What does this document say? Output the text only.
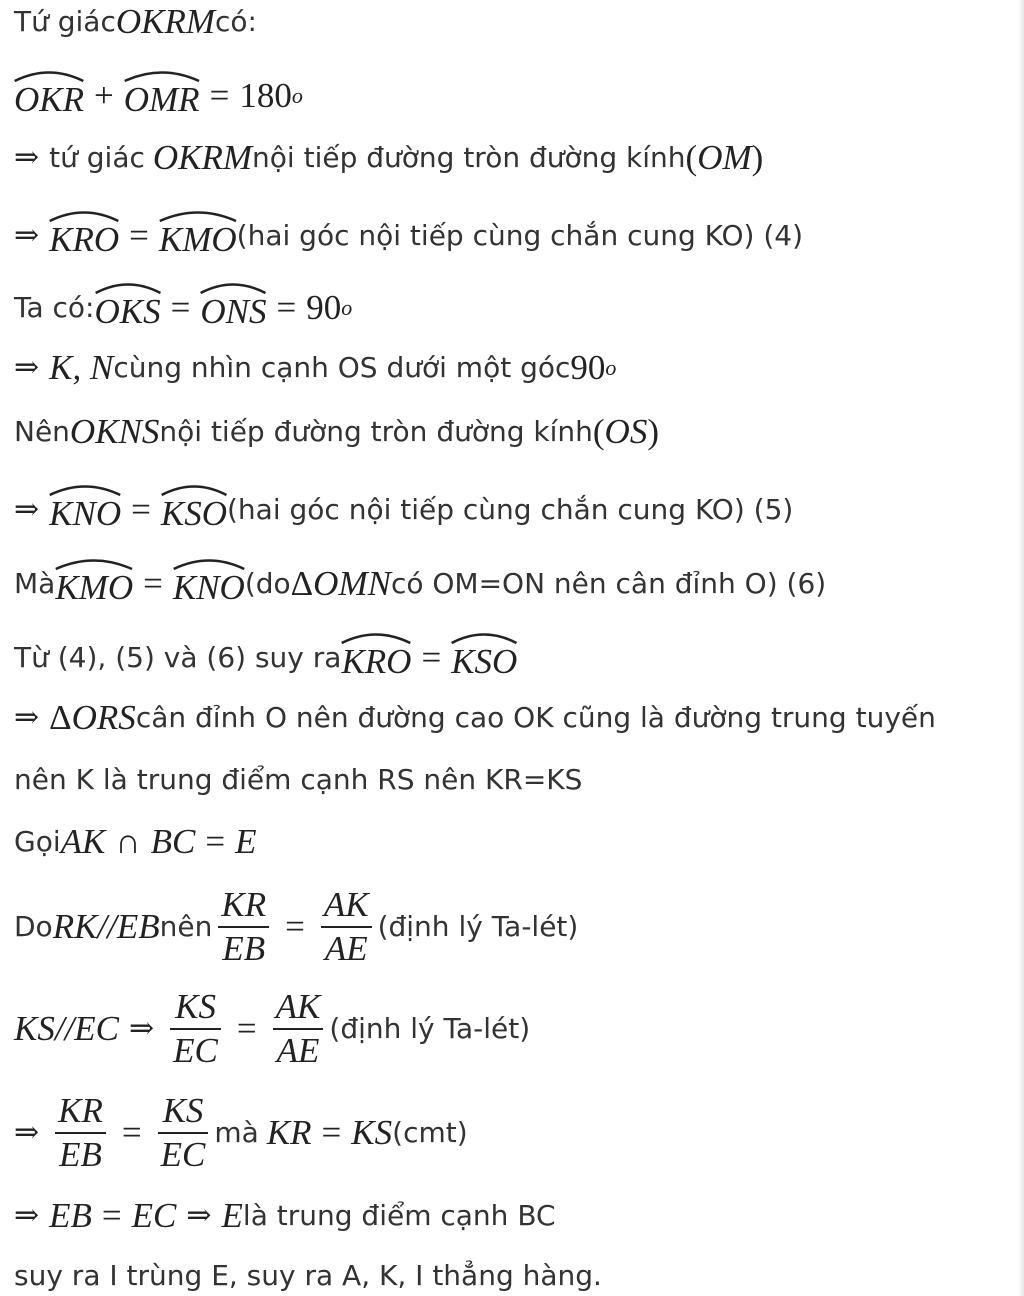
Tứ giác OKRM có:
OKR + OMR = 180 o
⇒ tứ giác OKRM nội tiếp đường tròn đường kính ( OM )
⇒ KRO = KMO (hai góc nội tiếp cùng chắn cung KO) (4)
Ta có: OKS = ONS = 90 o
⇒ K, N cùng nhìn cạnh OS dưới một góc 90 o
Nên OKNS nội tiếp đường tròn đường kính ( OS )
⇒ KNO = KSO (hai góc nội tiếp cùng chắn cung KO) (5)
Mà KMO = KNO (do Δ OMN có OM=ON nên cân đỉnh O) (6)
Từ (4), (5) và (6) suy ra KRO = KSO
⇒ Δ ORS cân đỉnh O nên đường cao OK cũng là đường trung tuyến
nên K là trung điểm cạnh RS nên KR=KS
Gọi AK ∩ BC = E
Do RK//EB nên $\frac{KR}{EB} = \frac{AK}{AE}$ (định lý Ta-lét)
KS//EC ⇒ $\frac{KS}{EC} = \frac{AK}{AE}$ (định lý Ta-lét)
⇒ $\frac{KR}{EB} = \frac{KS}{EC}$ mà KR = KS (cmt)
⇒ EB = EC ⇒ E là trung điểm cạnh BC
suy ra I trùng E, suy ra A, K, I thẳng hàng.
